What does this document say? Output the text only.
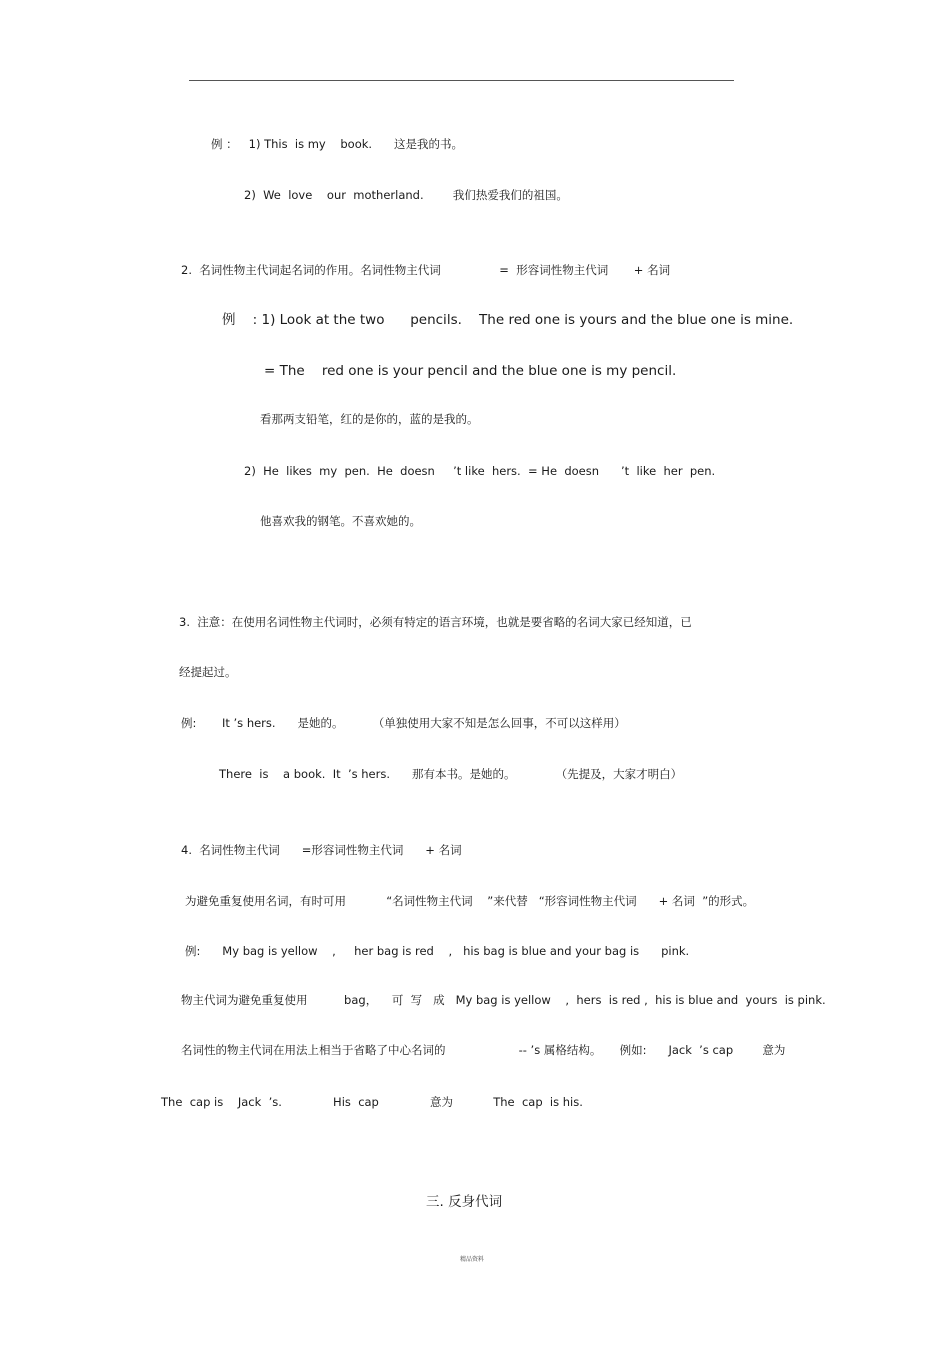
例 ：   1) This  is my    book.      这是我的书。
2)  We  love    our  motherland.        我们热爱我们的祖国。
2.  名词性物主代词起名词的作用。名词性物主代词                =  形容词性物主代词       + 名词
例    : 1) Look at the two      pencils.    The red one is yours and the blue one is mine.
= The    red one is your pencil and the blue one is my pencil.
看那两支铅笔，红的是你的，蓝的是我的。
2)  He  likes  my  pen.  He  doesn     ’t like  hers.  = He  doesn      ’t  like  her  pen.
他喜欢我的钢笔。不喜欢她的。
3.  注意：在使用名词性物主代词时，必须有特定的语言环境，也就是要省略的名词大家已经知道，已
经提起过。
例:       It ’s hers.      是她的。        （单独使用大家不知是怎么回事，不可以这样用）
There  is    a book.  It  ’s hers.      那有本书。是她的。           （先提及，大家才明白）
4.  名词性物主代词      =形容词性物主代词      + 名词
为避免重复使用名词，有时可用           “名词性物主代词    ”来代替   “形容词性物主代词      + 名词  ”的形式。
例:      My bag is yellow    ,     her bag is red    ,   his bag is blue and your bag is      pink.
物主代词为避免重复使用          bag，    可  写   成   My bag is yellow    ,  hers  is red ,  his is blue and  yours  is pink.
名词性的物主代词在用法上相当于省略了中心名词的                    -- ’s 属格结构。     例如:      Jack  ’s cap        意为
The  cap is    Jack  ’s.              His  cap              意为           The  cap  is his.
三. 反身代词
精品资料
